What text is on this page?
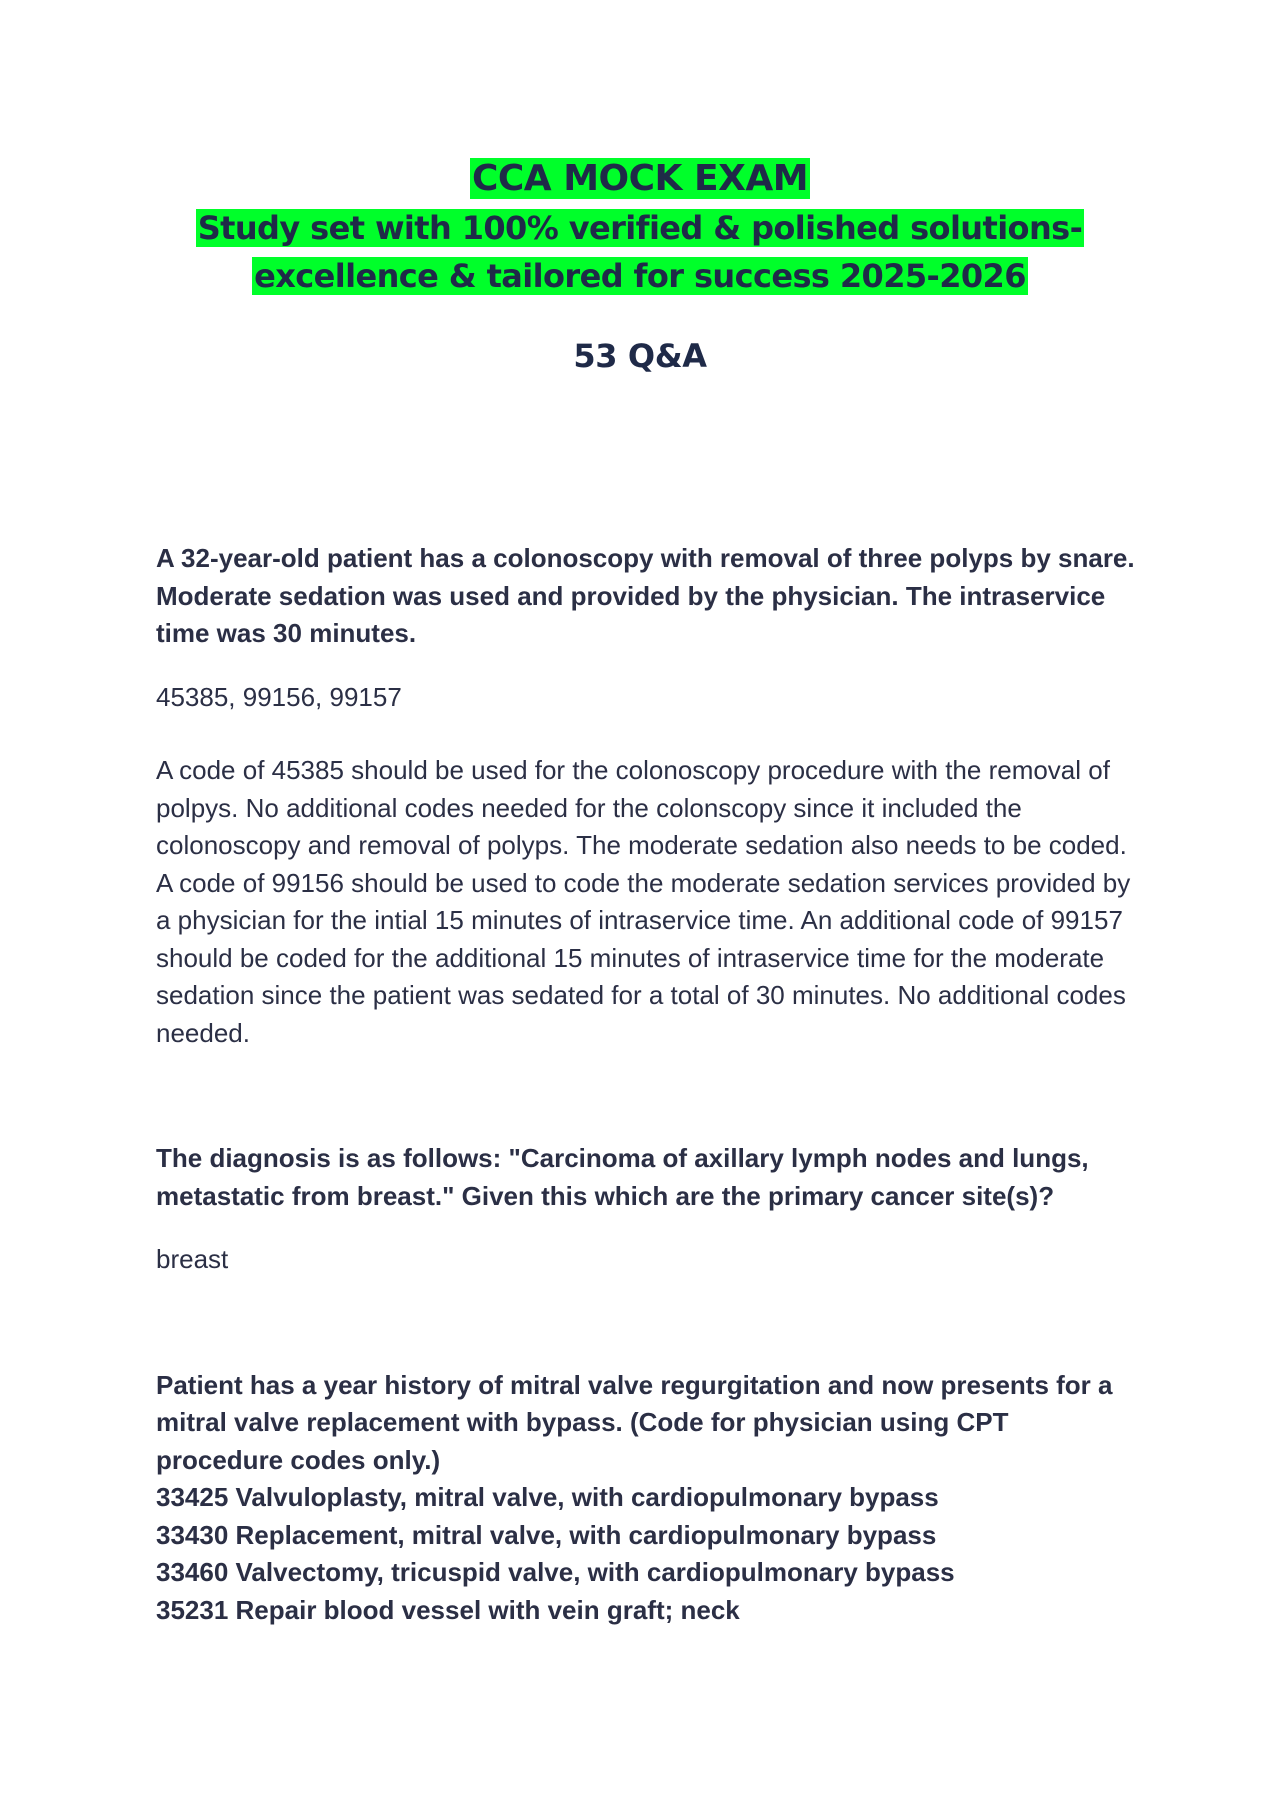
CCA MOCK EXAM
Study set with 100% verified & polished solutions-
excellence & tailored for success 2025-2026
53 Q&A

A 32-year-old patient has a colonoscopy with removal of three polyps by snare. Moderate sedation was used and provided by the physician. The intraservice time was 30 minutes.

45385, 99156, 99157

A code of 45385 should be used for the colonoscopy procedure with the removal of polpys. No additional codes needed for the colonscopy since it included the colonoscopy and removal of polyps. The moderate sedation also needs to be coded. A code of 99156 should be used to code the moderate sedation services provided by a physician for the intial 15 minutes of intraservice time. An additional code of 99157 should be coded for the additional 15 minutes of intraservice time for the moderate sedation since the patient was sedated for a total of 30 minutes. No additional codes needed.

The diagnosis is as follows: "Carcinoma of axillary lymph nodes and lungs, metastatic from breast." Given this which are the primary cancer site(s)?

breast

Patient has a year history of mitral valve regurgitation and now presents for a mitral valve replacement with bypass. (Code for physician using CPT procedure codes only.)

33425 Valvuloplasty, mitral valve, with cardiopulmonary bypass

33430 Replacement, mitral valve, with cardiopulmonary bypass

33460 Valvectomy, tricuspid valve, with cardiopulmonary bypass

35231 Repair blood vessel with vein graft; neck
